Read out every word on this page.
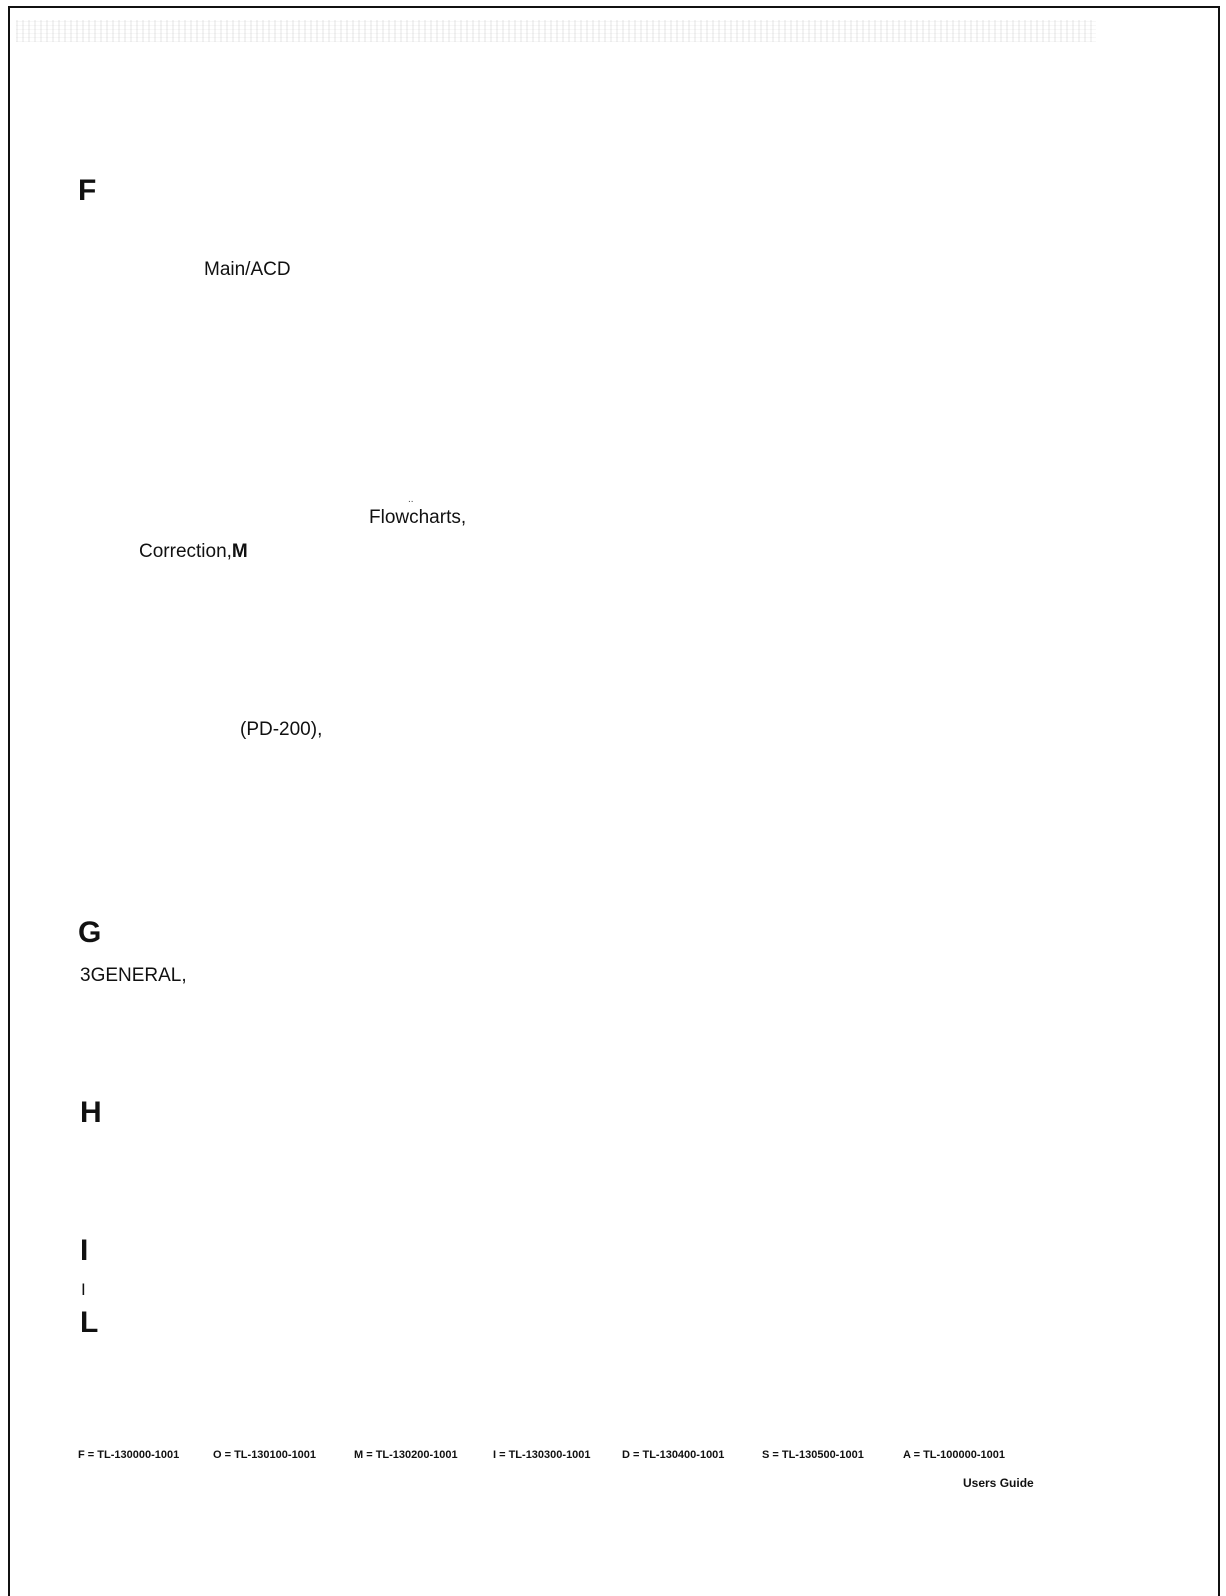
F
Main/ACD
..
Flowcharts,
Correction,M
(PD-200),
G
3GENERAL,
H
I
I
L
F = TL-130000-1001	O = TL-130100-1001	M = TL-130200-1001	I = TL-130300-1001	D = TL-130400-1001	S = TL-130500-1001	A = TL-100000-1001
Users Guide
